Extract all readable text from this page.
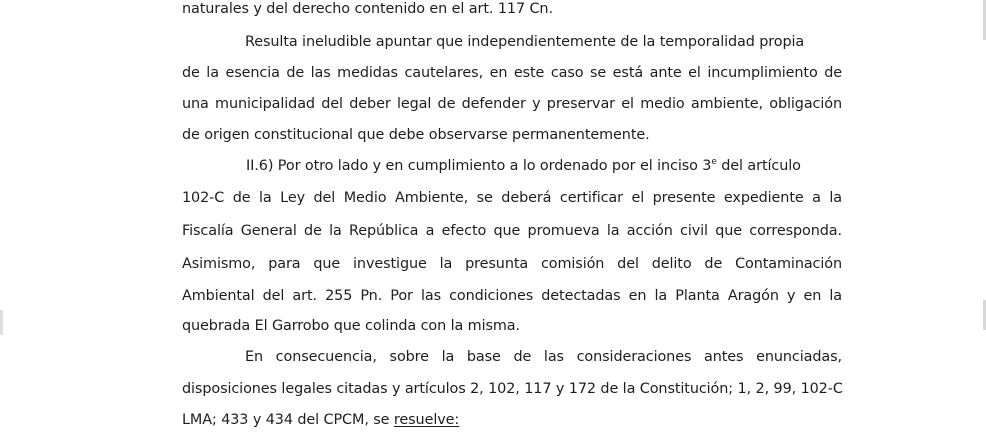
naturales y del derecho contenido en el art. 117 Cn.
Resulta ineludible apuntar que independientemente de la temporalidad propia
de la esencia de las medidas cautelares, en este caso se está ante el incumplimiento de
una municipalidad del deber legal de defender y preservar el medio ambiente, obligación
de origen constitucional que debe observarse permanentemente.
II.6) Por otro lado y en cumplimiento a lo ordenado por el inciso 3e del artículo
102-C de la Ley del Medio Ambiente, se deberá certificar el presente expediente a la
Fiscalía General de la República a efecto que promueva la acción civil que corresponda.
Asimismo, para que investigue la presunta comisión del delito de Contaminación
Ambiental del art. 255 Pn. Por las condiciones detectadas en la Planta Aragón y en la
quebrada El Garrobo que colinda con la misma.
En consecuencia, sobre la base de las consideraciones antes enunciadas,
disposiciones legales citadas y artículos 2, 102, 117 y 172 de la Constitución; 1, 2, 99, 102-C
LMA; 433 y 434 del CPCM, se resuelve:
